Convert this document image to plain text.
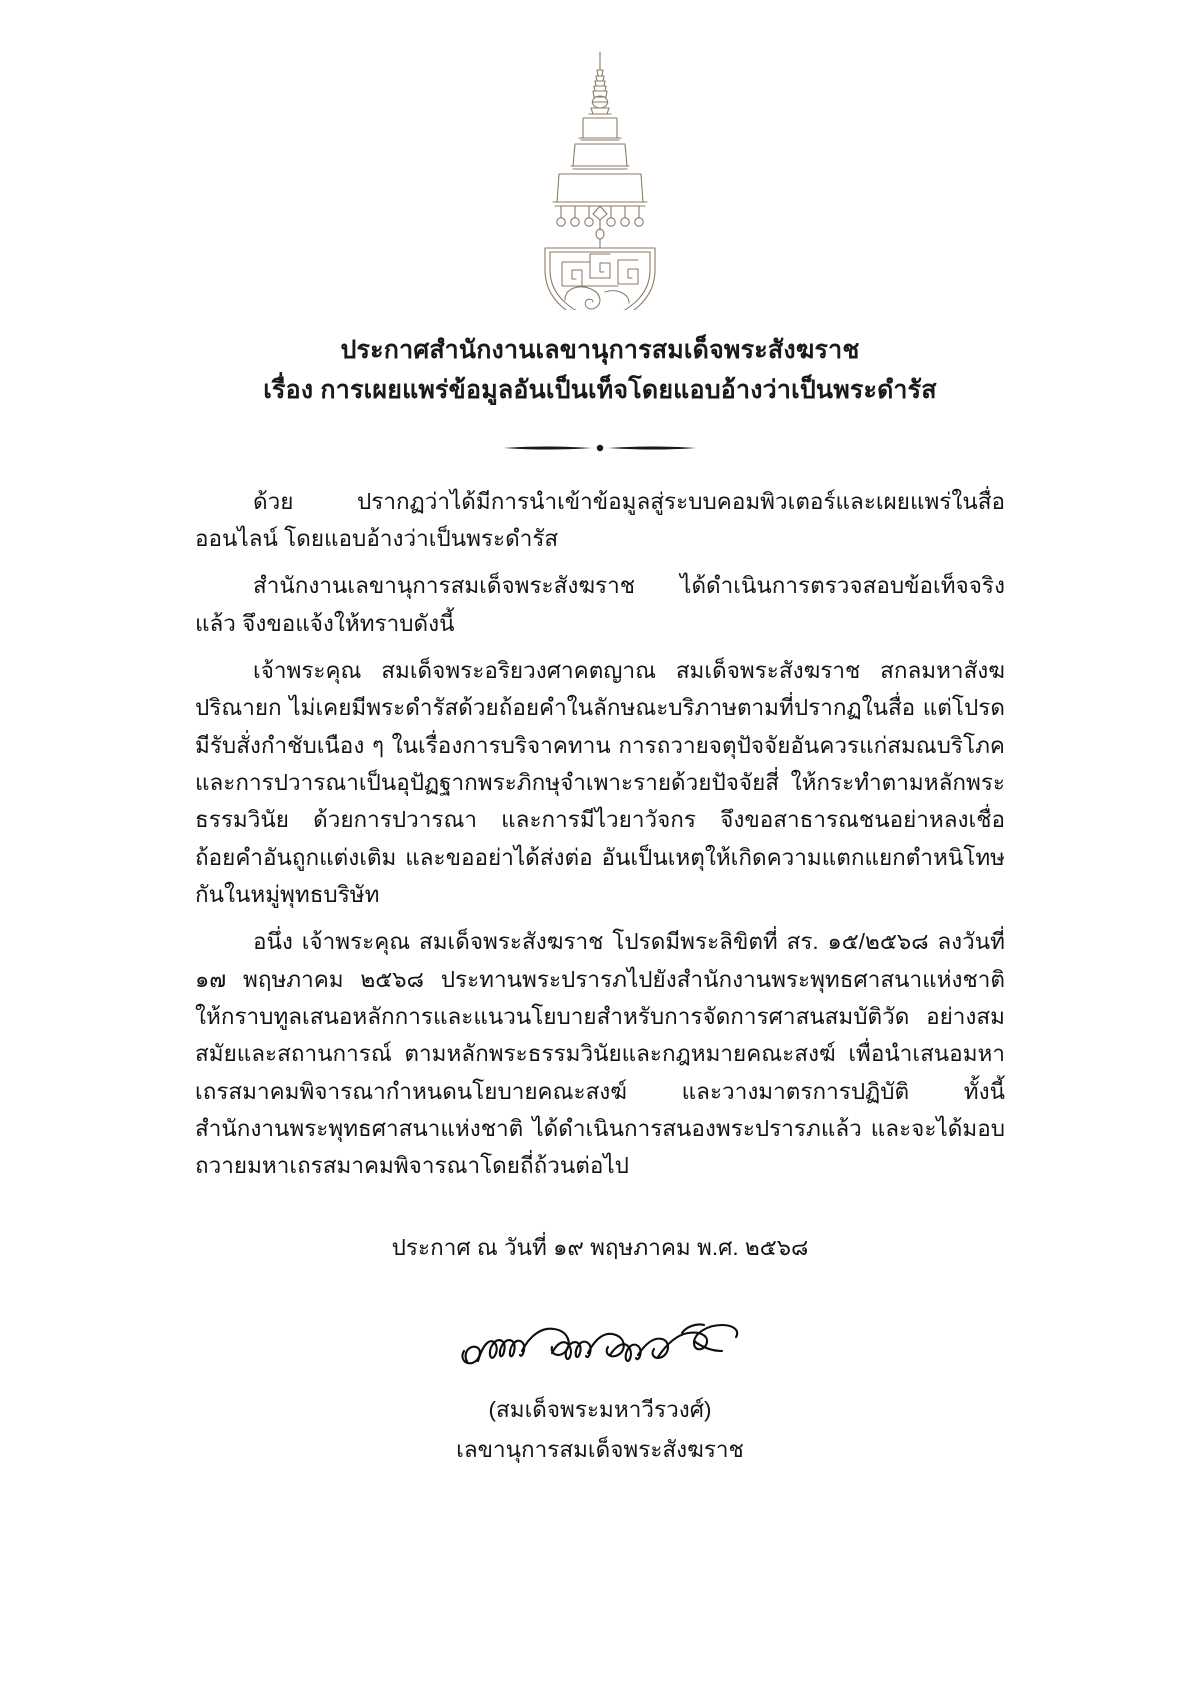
ประกาศสำนักงานเลขานุการสมเด็จพระสังฆราช
เรื่อง การเผยแพร่ข้อมูลอันเป็นเท็จโดยแอบอ้างว่าเป็นพระดำรัส

ด้วย ปรากฏว่าได้มีการนำเข้าข้อมูลสู่ระบบคอมพิวเตอร์และเผยแพร่ในสื่อออนไลน์ โดยแอบอ้างว่าเป็นพระดำรัส

สำนักงานเลขานุการสมเด็จพระสังฆราช ได้ดำเนินการตรวจสอบข้อเท็จจริงแล้ว จึงขอแจ้งให้ทราบดังนี้

เจ้าพระคุณ สมเด็จพระอริยวงศาคตญาณ สมเด็จพระสังฆราช สกลมหาสังฆปริณายก ไม่เคยมีพระดำรัสด้วยถ้อยคำในลักษณะบริภาษตามที่ปรากฏในสื่อ แต่โปรดมีรับสั่งกำชับเนือง ๆ ในเรื่องการบริจาคทาน การถวายจตุปัจจัยอันควรแก่สมณบริโภค และการปวารณาเป็นอุปัฏฐากพระภิกษุจำเพาะรายด้วยปัจจัยสี่ ให้กระทำตามหลักพระธรรมวินัย ด้วยการปวารณา และการมีไวยาวัจกร จึงขอสาธารณชนอย่าหลงเชื่อถ้อยคำอันถูกแต่งเติม และขออย่าได้ส่งต่อ อันเป็นเหตุให้เกิดความแตกแยกตำหนิโทษกันในหมู่พุทธบริษัท

อนึ่ง เจ้าพระคุณ สมเด็จพระสังฆราช โปรดมีพระลิขิตที่ สร. ๑๕/๒๕๖๘ ลงวันที่ ๑๗ พฤษภาคม ๒๕๖๘ ประทานพระปรารภไปยังสำนักงานพระพุทธศาสนาแห่งชาติ ให้กราบทูลเสนอหลักการและแนวนโยบายสำหรับการจัดการศาสนสมบัติวัด อย่างสมสมัยและสถานการณ์ ตามหลักพระธรรมวินัยและกฎหมายคณะสงฆ์ เพื่อนำเสนอมหาเถรสมาคมพิจารณากำหนดนโยบายคณะสงฆ์ และวางมาตรการปฏิบัติ ทั้งนี้ สำนักงานพระพุทธศาสนาแห่งชาติ ได้ดำเนินการสนองพระปรารภแล้ว และจะได้มอบถวายมหาเถรสมาคมพิจารณาโดยถี่ถ้วนต่อไป

ประกาศ ณ วันที่ ๑๙ พฤษภาคม พ.ศ. ๒๕๖๘
(สมเด็จพระมหาวีรวงศ์)
เลขานุการสมเด็จพระสังฆราช
